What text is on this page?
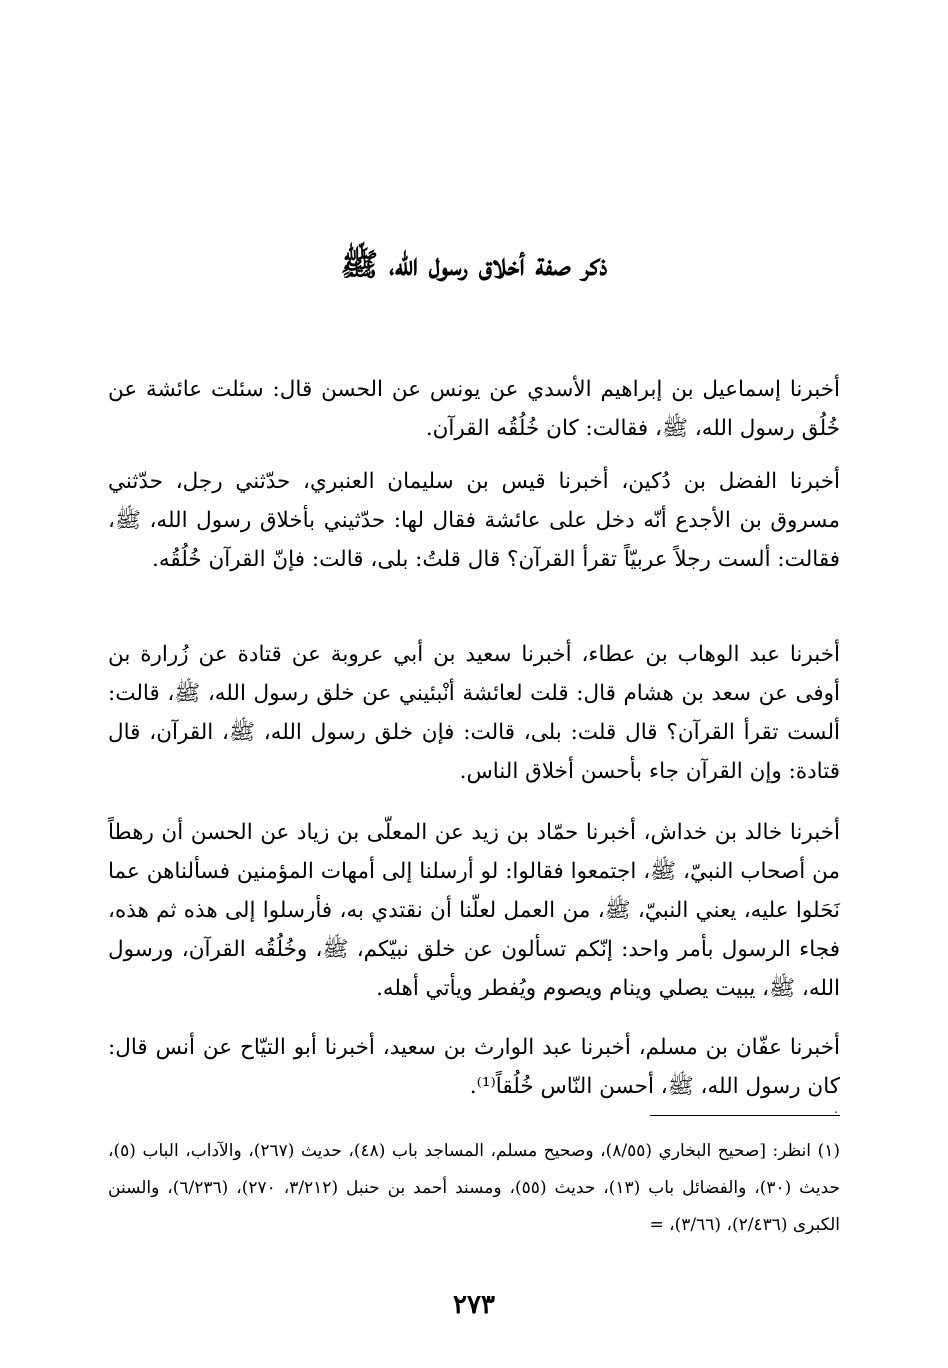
ذكر صفة أخلاق رسول الله، ﷺ

أخبرنا إسماعيل بن إبراهيم الأسدي عن يونس عن الحسن قال: سئلت عائشة عن خُلُق رسول الله، ﷺ، فقالت: كان خُلُقُه القرآن.

أخبرنا الفضل بن دُكين، أخبرنا قيس بن سليمان العنبري، حدّثني رجل، حدّثني مسروق بن الأجدع أنّه دخل على عائشة فقال لها: حدّثيني بأخلاق رسول الله، ﷺ، فقالت: ألست رجلاً عربيّاً تقرأ القرآن؟ قال قلتُ: بلى، قالت: فإنّ القرآن خُلُقُه.

أخبرنا عبد الوهاب بن عطاء، أخبرنا سعيد بن أبي عروبة عن قتادة عن زُرارة بن أوفى عن سعد بن هشام قال: قلت لعائشة أنْبئيني عن خلق رسول الله، ﷺ، قالت: ألست تقرأ القرآن؟ قال قلت: بلى، قالت: فإن خلق رسول الله، ﷺ، القرآن، قال قتادة: وإن القرآن جاء بأحسن أخلاق الناس.

أخبرنا خالد بن خداش، أخبرنا حمّاد بن زيد عن المعلّى بن زياد عن الحسن أن رهطاً من أصحاب النبيّ، ﷺ، اجتمعوا فقالوا: لو أرسلنا إلى أمهات المؤمنين فسألناهن عما نَحَلوا عليه، يعني النبيّ، ﷺ، من العمل لعلّنا أن نقتدي به، فأرسلوا إلى هذه ثم هذه، فجاء الرسول بأمر واحد: إنّكم تسألون عن خلق نبيّكم، ﷺ، وخُلُقُه القرآن، ورسول الله، ﷺ، يبيت يصلي وينام ويصوم ويُفطر ويأتي أهله.

أخبرنا عفّان بن مسلم، أخبرنا عبد الوارث بن سعيد، أخبرنا أبو التيّاح عن أنس قال: كان رسول الله، ﷺ، أحسن النّاس خُلُقاً⁽¹⁾.

.

(١) انظر: [صحيح البخاري (٨/٥٥)، وصحيح مسلم، المساجد باب (٤٨)، حديث (٢٦٧)، والآداب، الباب (٥)، حديث (٣٠)، والفضائل باب (١٣)، حديث (٥٥)، ومسند أحمد بن حنبل (٣/٢١٢، ٢٧٠)، (٦/٢٣٦)، والسنن الكبرى (٢/٤٣٦)، (٣/٦٦)، =

٢٧٣
